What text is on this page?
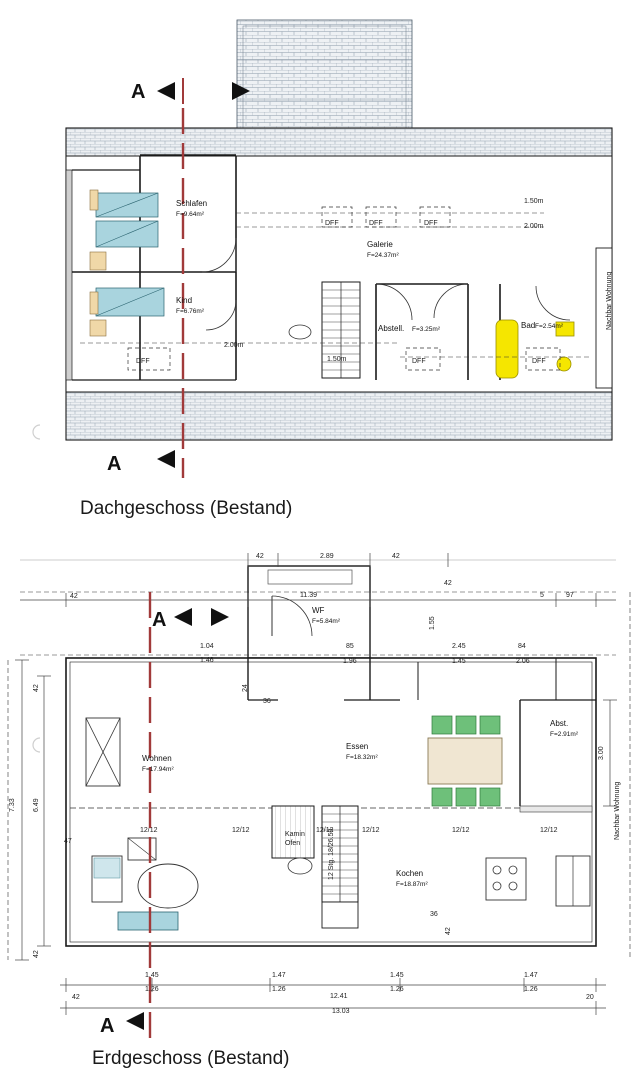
Schlafen
F=9.64m²
Kind
F=6.76m²
Galerie
F=24.37m²
Abstell. F=3.25m²	Bad F=2.54m²
DFF	DFF	DFF
DFF	DFF	DFF
1.50m
2.00m
2.00m
1.50m
Nachbar Wohnung
A
A
Dachgeschoss (Bestand)
12 Stg. 18/26.50
12/12	12/12	12/12	12/12	12/12	12/12
A
A
WF
F=5.84m²
Wohnen
F=17.94m²
Essen
F=18.32m²
Kochen
F=18.87m²
Abst.
F=2.91m²
Kamin
Ofen
42	2.89	42
42
11.39
42	5	97
1.04
1.46
85
1.96
1.55
2.45
1.45
84
2.06
36
24
7.33 6.49
42
42
47
3.00
Nachbar Wohnung
1.45
1.26
1.47
1.26
1.45
1.26
1.47
1.26
12.41
13.03
42	20
36
42
Erdgeschoss (Bestand)
